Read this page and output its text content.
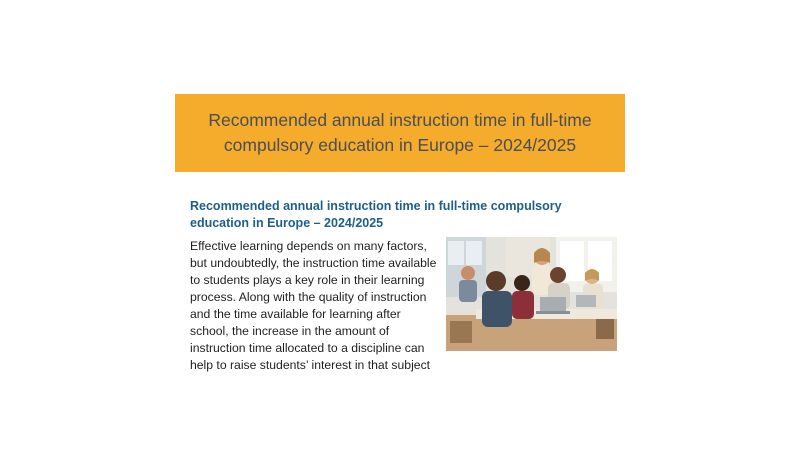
Recommended annual instruction time in full-time compulsory education in Europe – 2024/2025
Recommended annual instruction time in full-time compulsory education in Europe – 2024/2025

Effective learning depends on many factors, but undoubtedly, the instruction time available to students plays a key role in their learning process. Along with the quality of instruction and the time available for learning after school, the increase in the amount of instruction time allocated to a discipline can help to raise students’ interest in that subject
